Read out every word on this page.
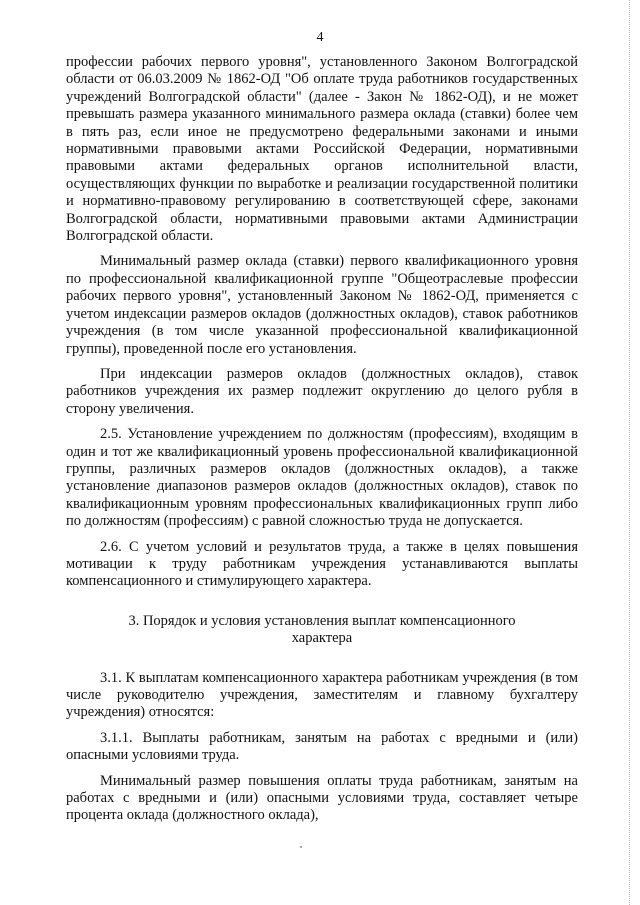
4

профессии рабочих первого уровня", установленного Законом Волгоградской области от 06.03.2009 № 1862-ОД "Об оплате труда работников государственных учреждений Волгоградской области" (далее - Закон № 1862-ОД), и не может превышать размера указанного минимального размера оклада (ставки) более чем в пять раз, если иное не предусмотрено федеральными законами и иными нормативными правовыми актами Российской Федерации, нормативными правовыми актами федеральных органов исполнительной власти, осуществляющих функции по выработке и реализации государственной политики и нормативно-правовому регулированию в соответствующей сфере, законами Волгоградской области, нормативными правовыми актами Администрации Волгоградской области.

Минимальный размер оклада (ставки) первого квалификационного уровня по профессиональной квалификационной группе "Общеотраслевые профессии рабочих первого уровня", установленный Законом № 1862-ОД, применяется с учетом индексации размеров окладов (должностных окладов), ставок работников учреждения (в том числе указанной профессиональной квалификационной группы), проведенной после его установления.

При индексации размеров окладов (должностных окладов), ставок работников учреждения их размер подлежит округлению до целого рубля в сторону увеличения.

2.5. Установление учреждением по должностям (профессиям), входящим в один и тот же квалификационный уровень профессиональной квалификационной группы, различных размеров окладов (должностных окладов), а также установление диапазонов размеров окладов (должностных окладов), ставок по квалификационным уровням профессиональных квалификационных групп либо по должностям (профессиям) с равной сложностью труда не допускается.

2.6. С учетом условий и результатов труда, а также в целях повышения мотивации к труду работникам учреждения устанавливаются выплаты компенсационного и стимулирующего характера.

3. Порядок и условия установления выплат компенсационного характера

3.1. К выплатам компенсационного характера работникам учреждения (в том числе руководителю учреждения, заместителям и главному бухгалтеру учреждения) относятся:

3.1.1. Выплаты работникам, занятым на работах с вредными и (или) опасными условиями труда.

Минимальный размер повышения оплаты труда работникам, занятым на работах с вредными и (или) опасными условиями труда, составляет четыре процента оклада (должностного оклада),
